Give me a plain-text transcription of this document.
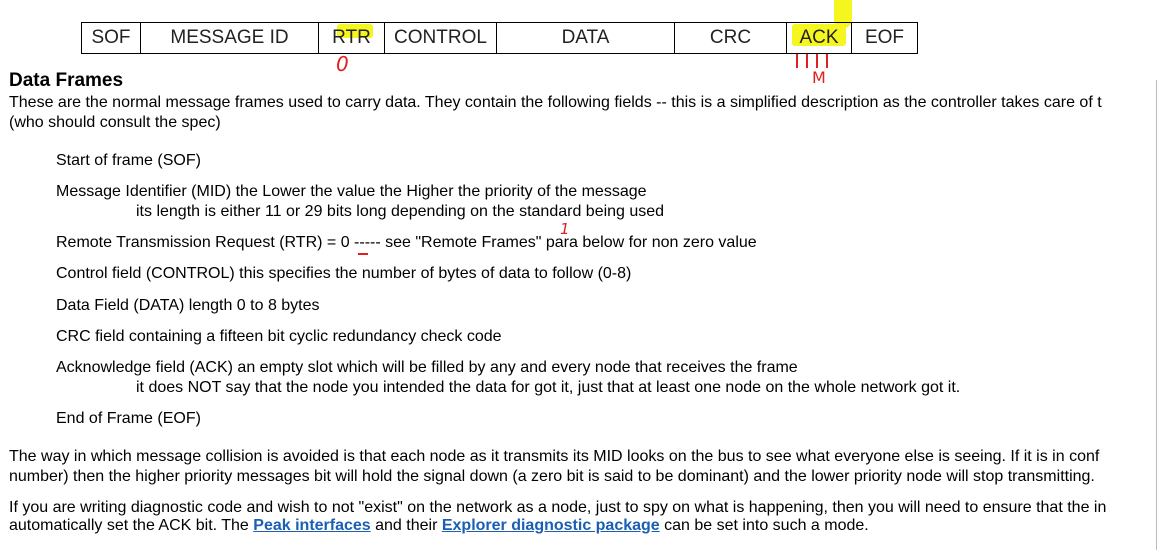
SOF	MESSAGE ID	RTR	CONTROL	DATA	CRC	ACK	EOF
0
M
Data Frames
These are the normal message frames used to carry data. They contain the following fields -- this is a simplified description as the controller takes care of t
(who should consult the spec)
Start of frame (SOF)
Message Identifier (MID) the Lower the value the Higher the priority of the message
its length is either 11 or 29 bits long depending on the standard being used
Remote Transmission Request (RTR) = 0 ----- see "Remote Frames" para below for non zero value
1
Control field (CONTROL) this specifies the number of bytes of data to follow (0-8)
Data Field (DATA) length 0 to 8 bytes
CRC field containing a fifteen bit cyclic redundancy check code
Acknowledge field (ACK) an empty slot which will be filled by any and every node that receives the frame
it does NOT say that the node you intended the data for got it, just that at least one node on the whole network got it.
End of Frame (EOF)
The way in which message collision is avoided is that each node as it transmits its MID looks on the bus to see what everyone else is seeing. If it is in conf
number) then the higher priority messages bit will hold the signal down (a zero bit is said to be dominant) and the lower priority node will stop transmitting.
If you are writing diagnostic code and wish to not "exist" on the network as a node, just to spy on what is happening, then you will need to ensure that the in
automatically set the ACK bit. The Peak interfaces and their Explorer diagnostic package can be set into such a mode.
